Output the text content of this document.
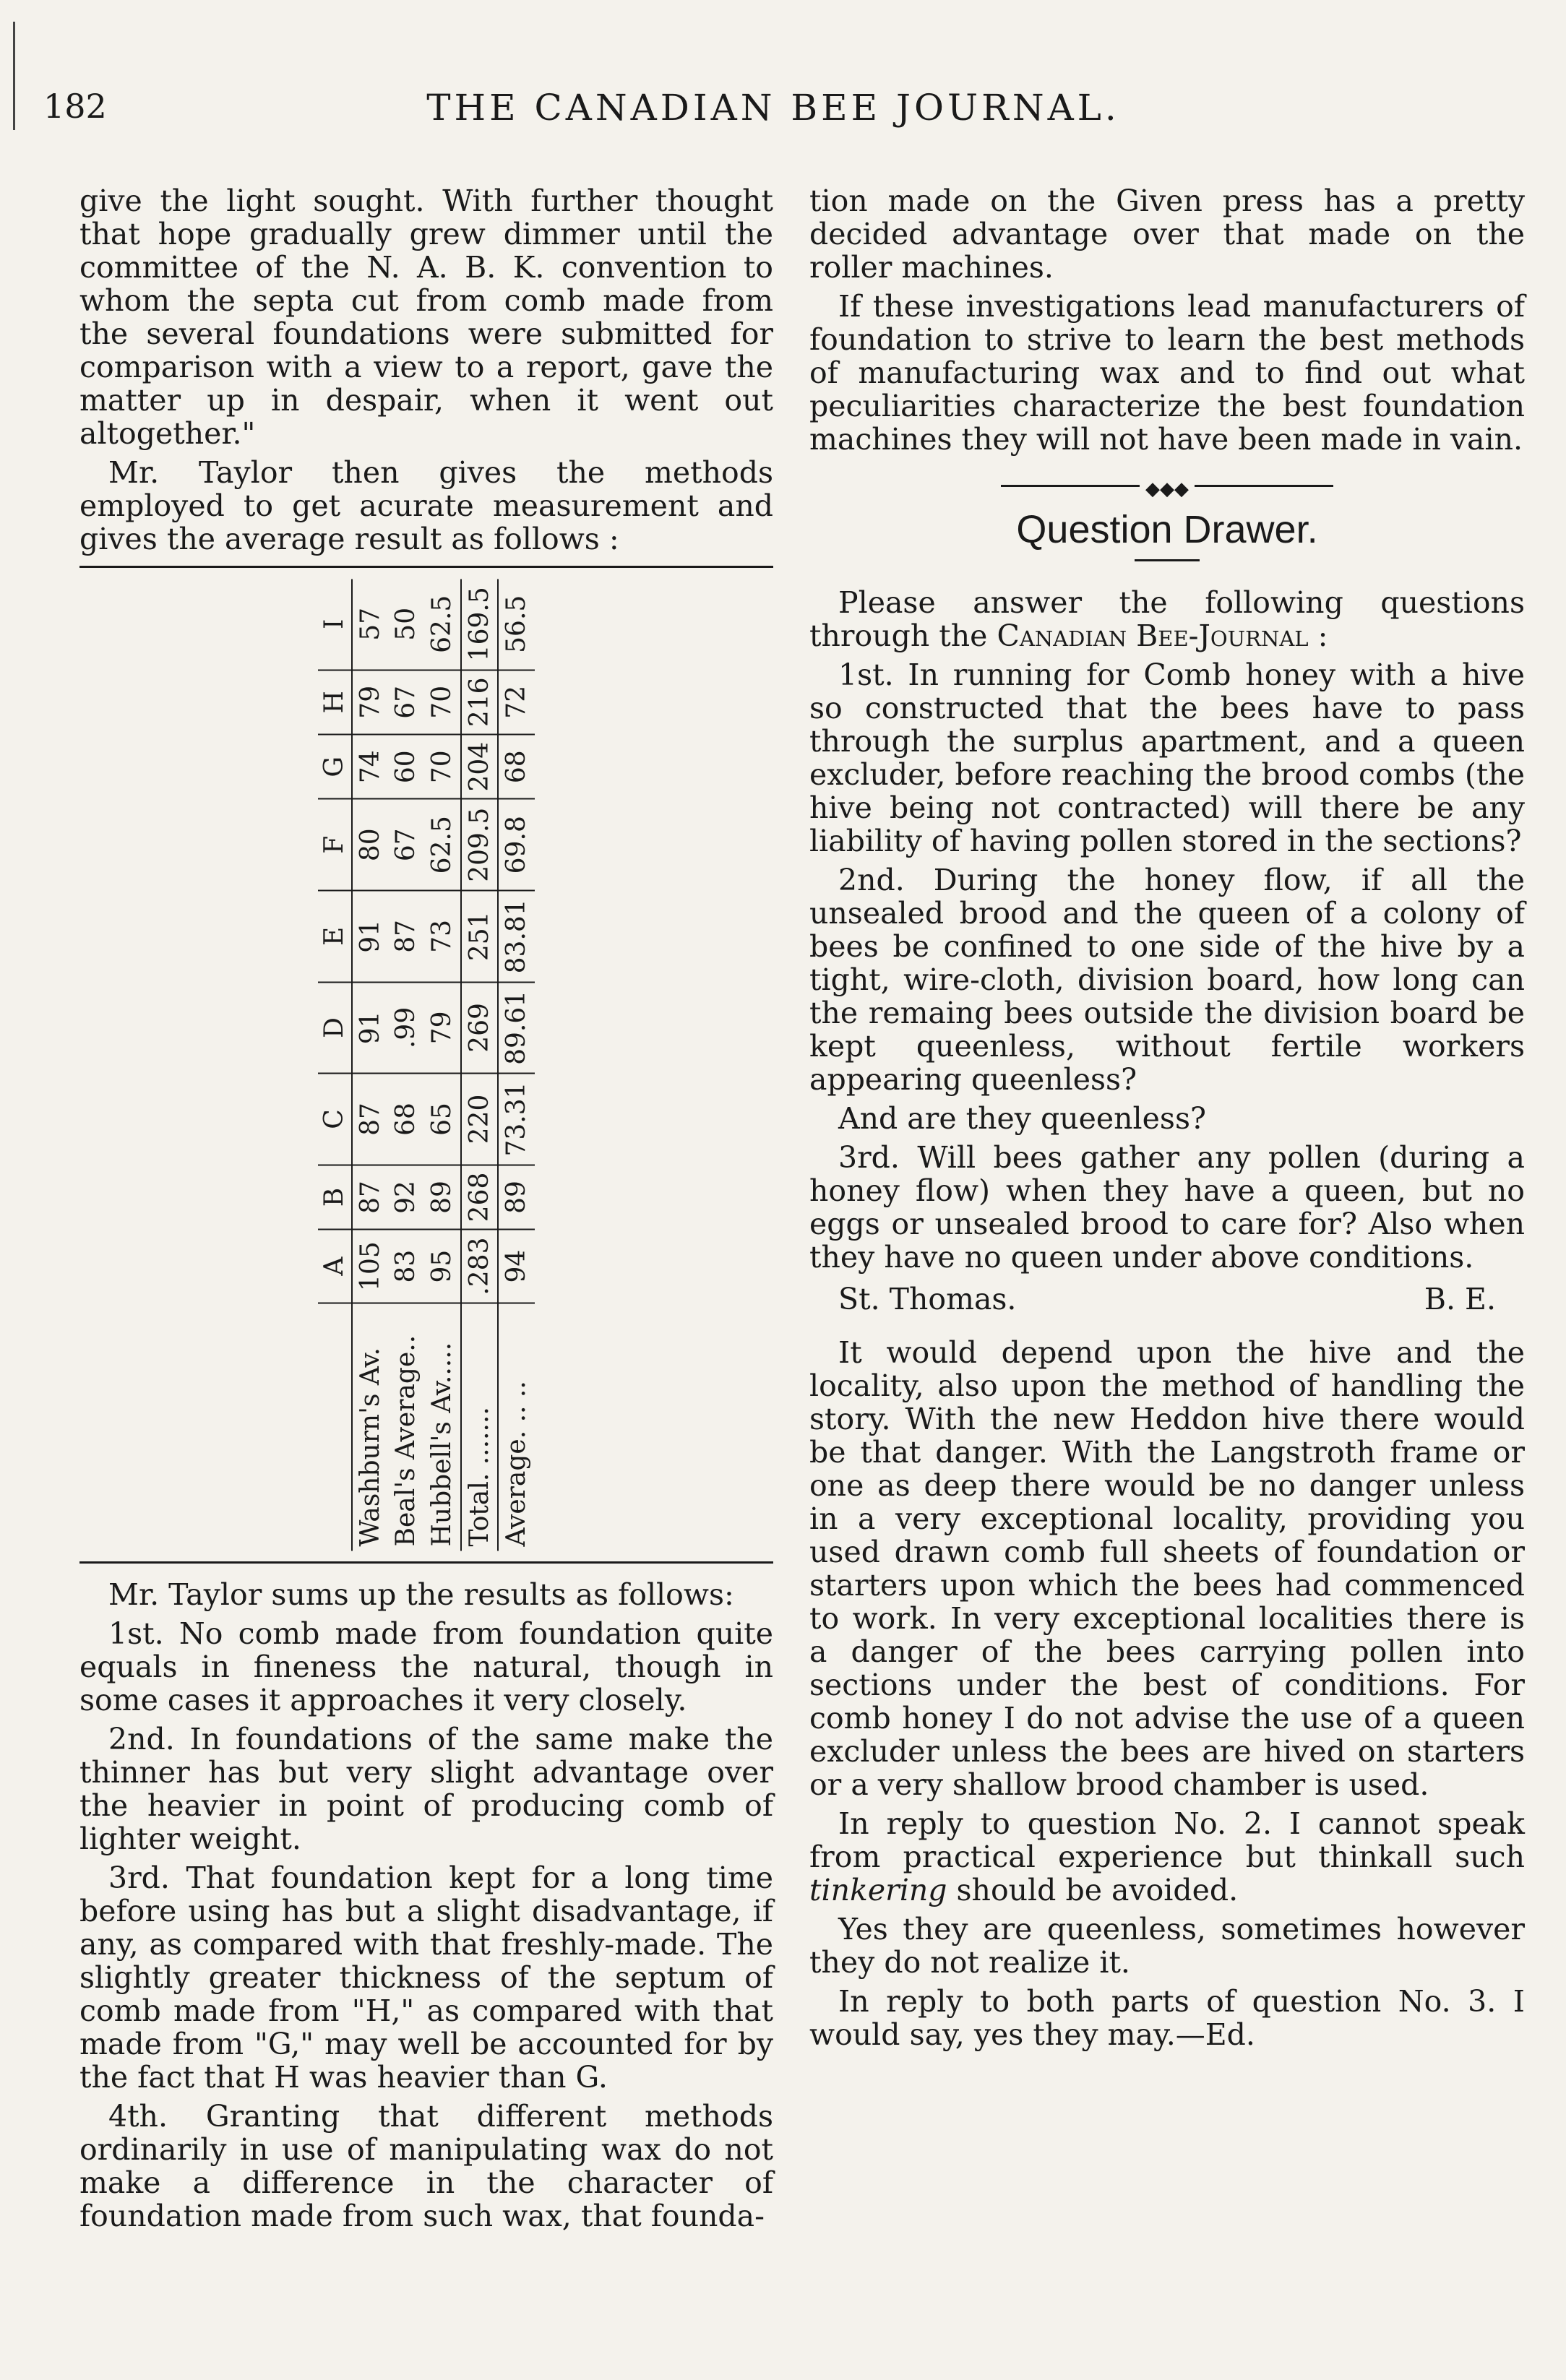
182	THE CANADIAN BEE JOURNAL.

give the light sought. With further thought that hope gradually grew dimmer until the committee of the N. A. B. K. convention to whom the septa cut from comb made from the several foundations were submitted for comparison with a view to a report, gave the matter up in despair, when it went out altogether."

Mr. Taylor then gives the methods employed to get acurate measurement and gives the average result as follows :

	A	B	C	D	E	F	G	H	I
Washburn's Av.	105	87	87	91	91	80	74	79	57
Beal's Average..	83	92	68	.99	87	67	60	67	50
Hubbell's Av.....	95	89	65	79	73	62.5	70	70	62.5
Total. .......	.283	268	220	269	251	209.5	204	216	169.5
Average. .. ..	94	89	73.31	89.61	83.81	69.8	68	72	56.5

Mr. Taylor sums up the results as follows:

1st. No comb made from foundation quite equals in fineness the natural, though in some cases it approaches it very closely.

2nd. In foundations of the same make the thinner has but very slight advantage over the heavier in point of producing comb of lighter weight.

3rd. That foundation kept for a long time before using has but a slight disadvantage, if any, as compared with that freshly-made. The slightly greater thickness of the septum of comb made from "H," as compared with that made from "G," may well be accounted for by the fact that H was heavier than G.

4th. Granting that different methods ordinarily in use of manipulating wax do not make a difference in the character of foundation made from such wax, that founda-

tion made on the Given press has a pretty decided advantage over that made on the roller machines.

If these investigations lead manufacturers of foundation to strive to learn the best methods of manufacturing wax and to find out what peculiarities characterize the best foundation machines they will not have been made in vain.

◆◆◆
Question Drawer.

Please answer the following questions through the Canadian Bee-Journal :

1st. In running for Comb honey with a hive so constructed that the bees have to pass through the surplus apartment, and a queen excluder, before reaching the brood combs (the hive being not contracted) will there be any liability of having pollen stored in the sections?

2nd. During the honey flow, if all the unsealed brood and the queen of a colony of bees be confined to one side of the hive by a tight, wire-cloth, division board, how long can the remaing bees outside the division board be kept queenless, without fertile workers appearing queenless?

And are they queenless?

3rd. Will bees gather any pollen (during a honey flow) when they have a queen, but no eggs or unsealed brood to care for? Also when they have no queen under above conditions.

St. Thomas.	B. E.

It would depend upon the hive and the locality, also upon the method of handling the story. With the new Heddon hive there would be that danger. With the Langstroth frame or one as deep there would be no danger unless in a very exceptional locality, providing you used drawn comb full sheets of foundation or starters upon which the bees had commenced to work. In very exceptional localities there is a danger of the bees carrying pollen into sections under the best of conditions. For comb honey I do not advise the use of a queen excluder unless the bees are hived on starters or a very shallow brood chamber is used.

In reply to question No. 2. I cannot speak from practical experience but thinkall such tinkering should be avoided.

Yes they are queenless, sometimes however they do not realize it.

In reply to both parts of question No. 3. I would say, yes they may.—Ed.
